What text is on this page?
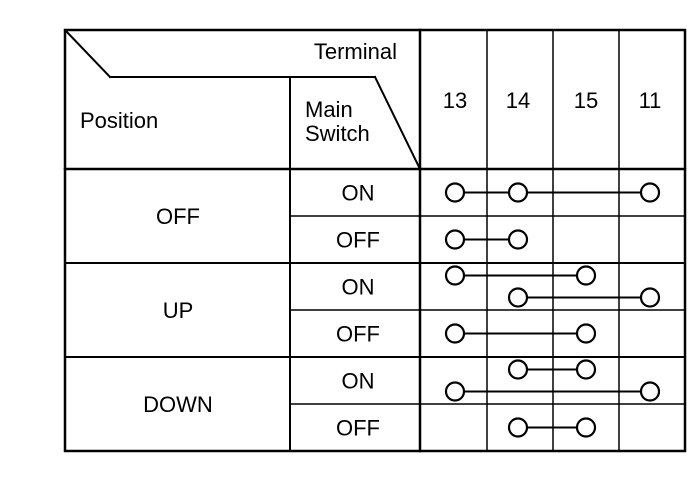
Terminal
Position	Main
Switch
13 14 15 11
OFF
ON
OFF
UP
ON
OFF
DOWN
ON
OFF
